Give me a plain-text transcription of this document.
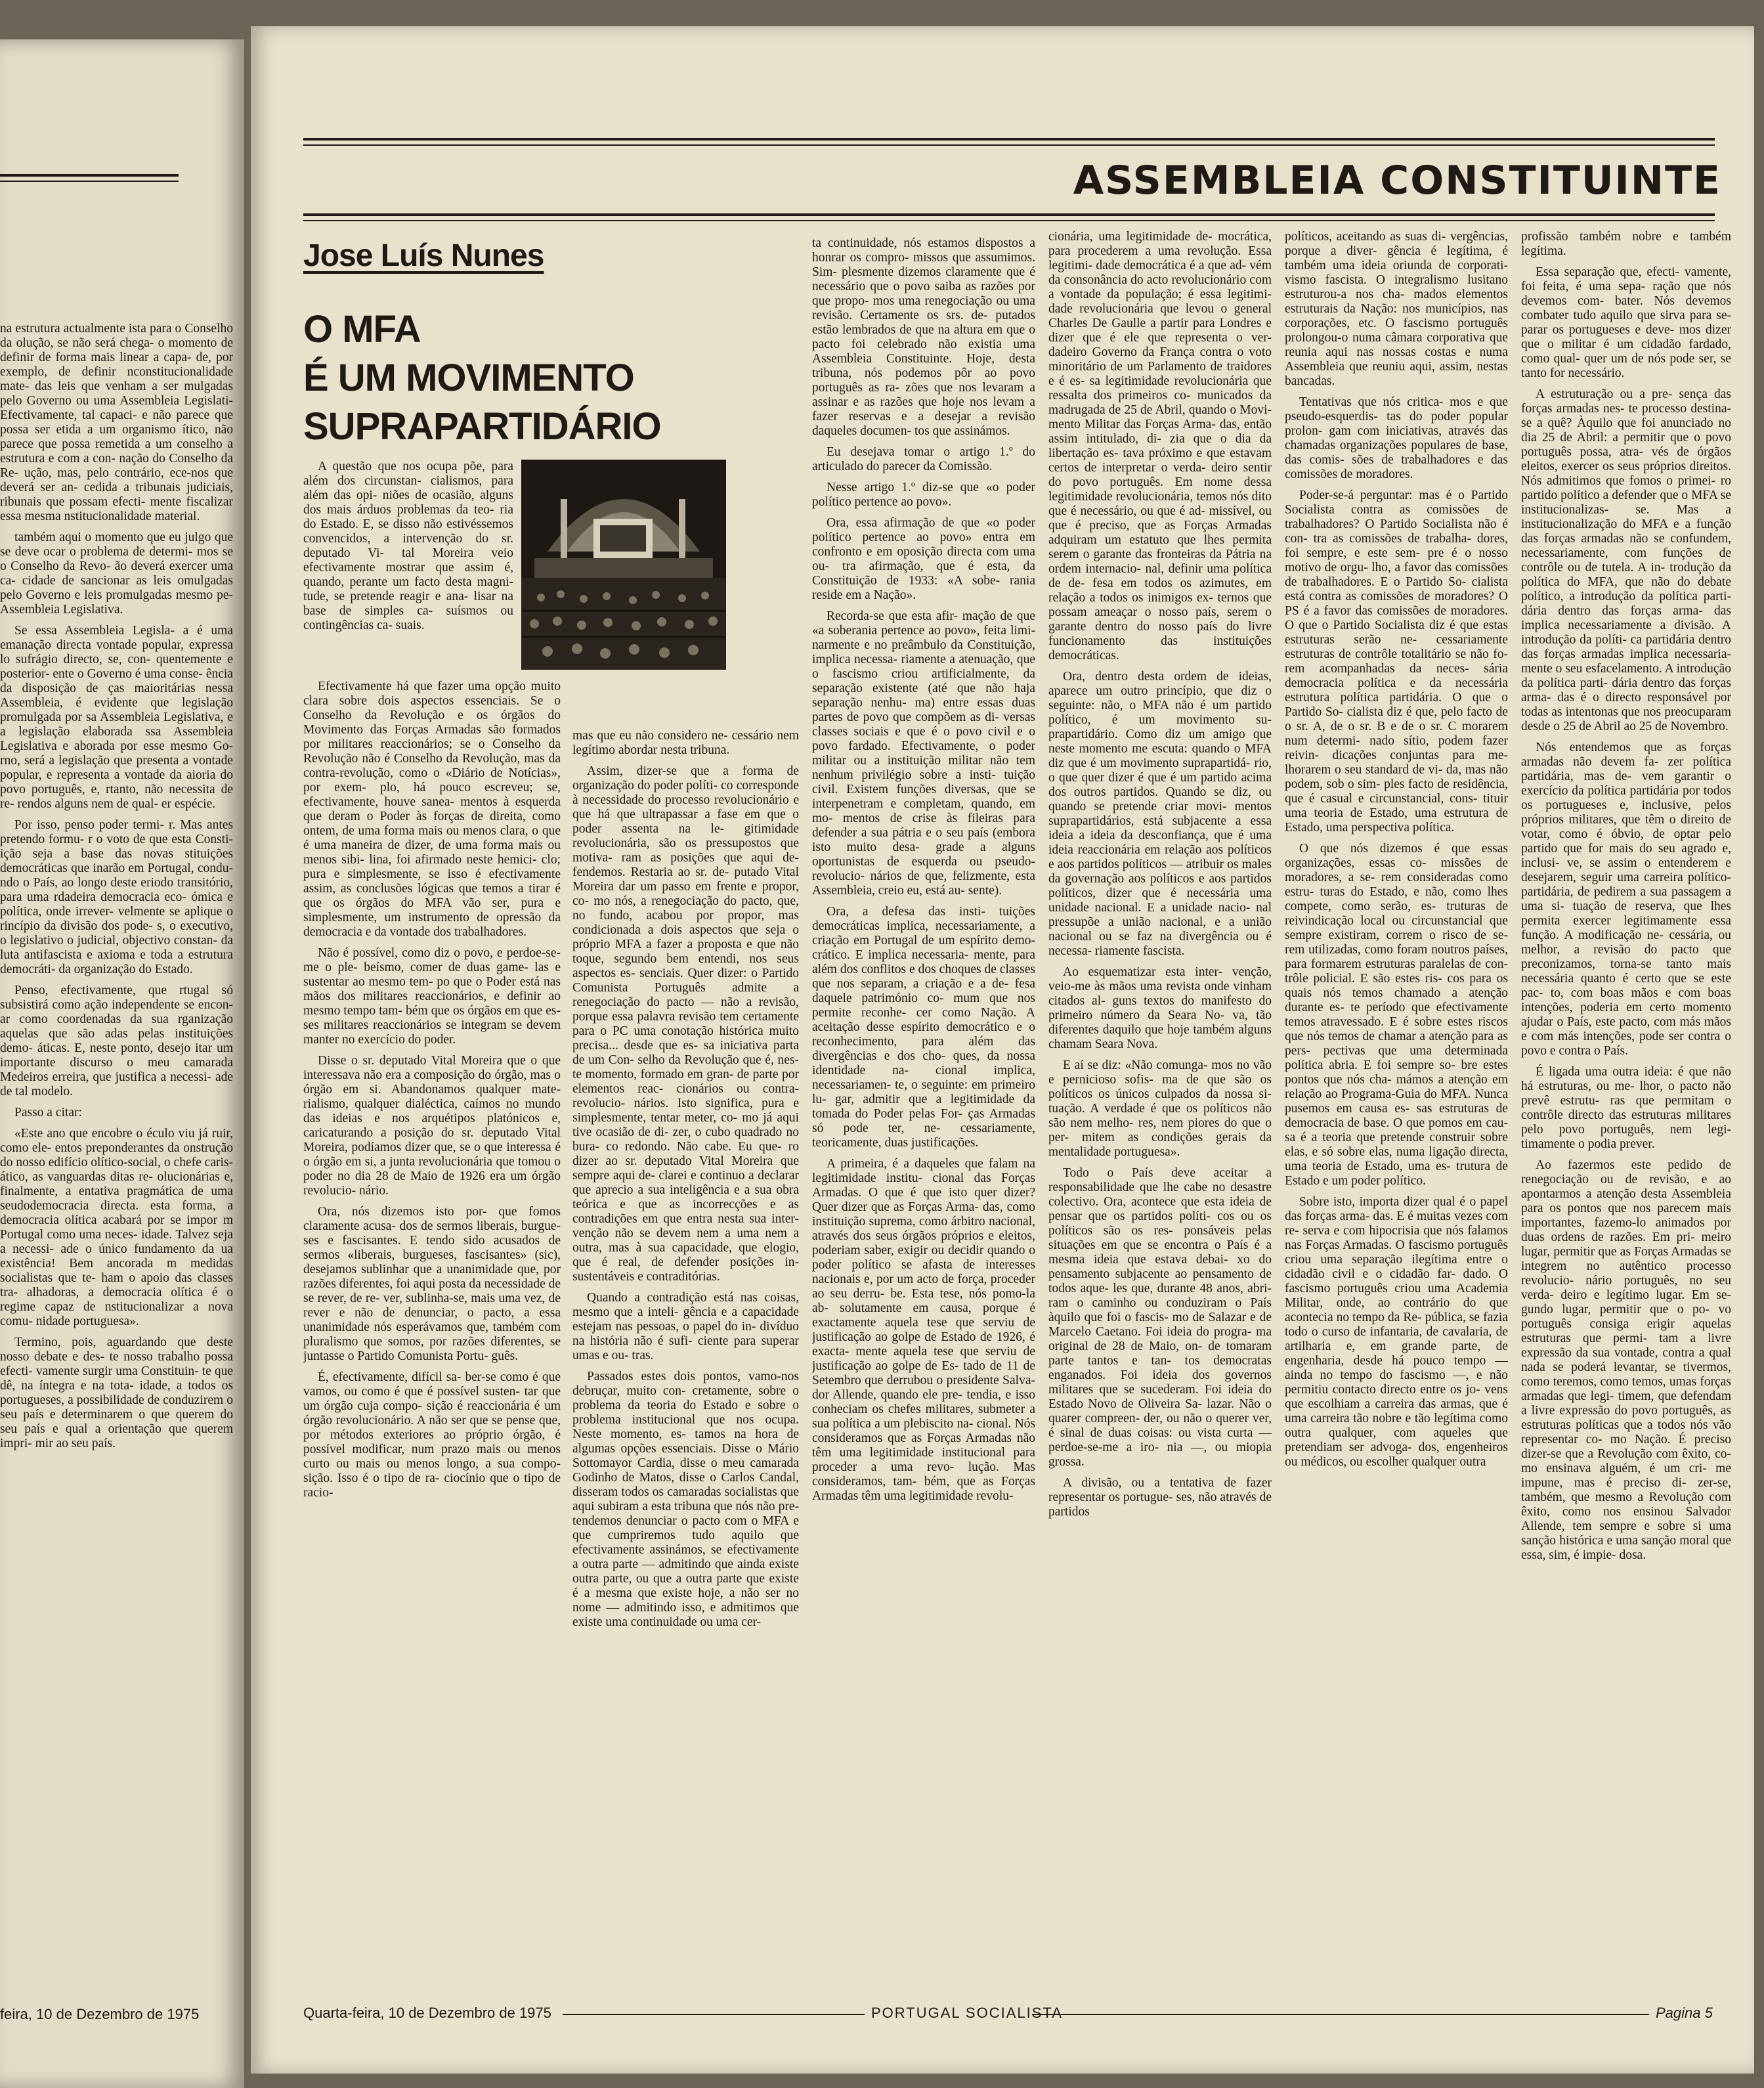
na estrutura actualmente ista para o Conselho da olução, se não será chega- o momento de definir de forma mais linear a capa- de, por exemplo, de definir nconstitucionalidade mate- das leis que venham a ser mulgadas pelo Governo ou uma Assembleia Legislati- Efectivamente, tal capaci- e não parece que possa ser etida a um organismo ítico, não parece que possa remetida a um conselho a estrutura e com a con- nação do Conselho da Re- ução, mas, pelo contrário, ece-nos que deverá ser an- cedida a tribunais judiciais, ribunais que possam efecti- mente fiscalizar essa mesma nstitucionalidade material.

também aqui o momento que eu julgo que se deve ocar o problema de determi- mos se o Conselho da Revo- ão deverá exercer uma ca- cidade de sancionar as leis omulgadas pelo Governo e leis promulgadas mesmo pe- Assembleia Legislativa.

Se essa Assembleia Legisla- a é uma emanação directa vontade popular, expressa lo sufrágio directo, se, con- quentemente e posterior- ente o Governo é uma conse- ência da disposição de ças maioritárias nessa Assembleia, é evidente que legislação promulgada por sa Assembleia Legislativa, e a legislação elaborada ssa Assembleia Legislativa e aborada por esse mesmo Go- rno, será a legislação que presenta a vontade popular, e representa a vontade da aioria do povo português, e, rtanto, não necessita de re- rendos alguns nem de qual- er espécie.

Por isso, penso poder termi- r. Mas antes pretendo formu- r o voto de que esta Consti- ição seja a base das novas stituições democráticas que inarão em Portugal, condu- ndo o País, ao longo deste eriodo transitório, para uma rdadeira democracia eco- ómica e política, onde irrever- velmente se aplique o rincípio da divisão dos pode- s, o executivo, o legislativo o judicial, objectivo constan- da luta antifascista e axioma e toda a estrutura democráti- da organização do Estado.

Penso, efectivamente, que rtugal só subsistirá como ação independente se encon- ar como coordenadas da sua rganização aquelas que são adas pelas instituições demo- áticas. E, neste ponto, desejo itar um importante discurso o meu camarada Medeiros erreira, que justifica a necessi- ade de tal modelo.

Passo a citar:

«Este ano que encobre o éculo viu já ruir, como ele- entos preponderantes da onstrução do nosso edifício olítico-social, o chefe caris- ático, as vanguardas ditas re- olucionárias e, finalmente, a entativa pragmática de uma seudodemocracia directa. esta forma, a democracia olítica acabará por se impor m Portugal como uma neces- idade. Talvez seja a necessi- ade o único fundamento da ua existência! Bem ancorada m medidas socialistas que te- ham o apoio das classes tra- alhadoras, a democracia olítica é o regime capaz de nstitucionalizar a nova comu- nidade portuguesa».

Termino, pois, aguardando que deste nosso debate e des- te nosso trabalho possa efecti- vamente surgir uma Constituin- te que dê, na íntegra e na tota- idade, a todos os portugueses, a possibilidade de conduzirem o seu país e determinarem o que querem do seu país e qual a orientação que querem impri- mir ao seu país.

feira, 10 de Dezembro de 1975
ASSEMBLEIA CONSTITUINTE
Jose Luís Nunes
O MFA
É UM MOVIMENTO
SUPRAPARTIDÁRIO

A questão que nos ocupa põe, para além dos circunstan- cialismos, para além das opi- niões de ocasião, alguns dos mais árduos problemas da teo- ria do Estado. E, se disso não estivéssemos convencidos, a intervenção do sr. deputado Vi- tal Moreira veio efectivamente mostrar que assim é, quando, perante um facto desta magni- tude, se pretende reagir e ana- lisar na base de simples ca- suísmos ou contingências ca- suais.

Efectivamente há que fazer uma opção muito clara sobre dois aspectos essenciais. Se o Conselho da Revolução e os órgãos do Movimento das Forças Armadas são formados por militares reaccionários; se o Conselho da Revolução não é Conselho da Revolução, mas da contra-revolução, como o «Diário de Notícias», por exem- plo, há pouco escreveu; se, efectivamente, houve sanea- mentos à esquerda que deram o Poder às forças de direita, como ontem, de uma forma mais ou menos clara, o que é uma maneira de dizer, de uma forma mais ou menos sibi- lina, foi afirmado neste hemici- clo; pura e simplesmente, se isso é efectivamente assim, as conclusões lógicas que temos a tirar é que os órgãos do MFA vão ser, pura e simplesmente, um instrumento de opressão da democracia e da vontade dos trabalhadores.

Não é possível, como diz o povo, e perdoe-se-me o ple- beísmo, comer de duas game- las e sustentar ao mesmo tem- po que o Poder está nas mãos dos militares reaccionários, e definir ao mesmo tempo tam- bém que os órgãos em que es- ses militares reaccionários se integram se devem manter no exercício do poder.

Disse o sr. deputado Vital Moreira que o que interessava não era a composição do órgão, mas o órgão em si. Abandonamos qualquer mate- rialismo, qualquer dialéctica, caímos no mundo das ideias e nos arquétipos platónicos e, caricaturando a posição do sr. deputado Vital Moreira, podíamos dizer que, se o que interessa é o órgão em si, a junta revolucionária que tomou o poder no dia 28 de Maio de 1926 era um órgão revolucio- nário.

Ora, nós dizemos isto por- que fomos claramente acusa- dos de sermos liberais, burgue- ses e fascisantes. E tendo sido acusados de sermos «liberais, burgueses, fascisantes» (sic), desejamos sublinhar que a unanimidade que, por razões diferentes, foi aqui posta da necessidade de se rever, de re- ver, sublinha-se, mais uma vez, de rever e não de denunciar, o pacto, a essa unanimidade nós esperávamos que, também com pluralismo que somos, por razões diferentes, se juntasse o Partido Comunista Portu- guês.

É, efectivamente, difícil sa- ber-se como é que vamos, ou como é que é possível susten- tar que um órgão cuja compo- sição é reaccionária é um órgão revolucionário. A não ser que se pense que, por métodos exteriores ao próprio órgão, é possível modificar, num prazo mais ou menos curto ou mais ou menos longo, a sua compo- sição. Isso é o tipo de ra- ciocínio que o tipo de racio-

mas que eu não considero ne- cessário nem legítimo abordar nesta tribuna.

Assim, dizer-se que a forma de organização do poder políti- co corresponde à necessidade do processo revolucionário e que há que ultrapassar a fase em que o poder assenta na le- gitimidade revolucionária, são os pressupostos que motiva- ram as posições que aqui de- fendemos. Restaria ao sr. de- putado Vital Moreira dar um passo em frente e propor, co- mo nós, a renegociação do pacto, que, no fundo, acabou por propor, mas condicionada a dois aspectos que seja o próprio MFA a fazer a proposta e que não toque, segundo bem entendi, nos seus aspectos es- senciais. Quer dizer: o Partido Comunista Português admite a renegociação do pacto — não a revisão, porque essa palavra revisão tem certamente para o PC uma conotação histórica muito precisa... desde que es- sa iniciativa parta de um Con- selho da Revolução que é, nes- te momento, formado em gran- de parte por elementos reac- cionários ou contra-revolucio- nários. Isto significa, pura e simplesmente, tentar meter, co- mo já aqui tive ocasião de di- zer, o cubo quadrado no bura- co redondo. Não cabe. Eu que- ro dizer ao sr. deputado Vital Moreira que sempre aqui de- clarei e continuo a declarar que aprecio a sua inteligência e a sua obra teórica e que as incorrecções e as contradições em que entra nesta sua inter- venção não se devem nem a uma nem a outra, mas à sua capacidade, que elogio, que é real, de defender posições in- sustentáveis e contraditórias.

Quando a contradição está nas coisas, mesmo que a inteli- gência e a capacidade estejam nas pessoas, o papel do in- divíduo na história não é sufi- ciente para superar umas e ou- tras.

Passados estes dois pontos, vamo-nos debruçar, muito con- cretamente, sobre o problema da teoria do Estado e sobre o problema institucional que nos ocupa. Neste momento, es- tamos na hora de algumas opções essenciais. Disse o Mário Sottomayor Cardia, disse o meu camarada Godinho de Matos, disse o Carlos Candal, disseram todos os camaradas socialistas que aqui subiram a esta tribuna que nós não pre- tendemos denunciar o pacto com o MFA e que cumpriremos tudo aquilo que efectivamente assinámos, se efectivamente a outra parte — admitindo que ainda existe outra parte, ou que a outra parte que existe é a mesma que existe hoje, a não ser no nome — admitindo isso, e admitimos que existe uma continuidade ou uma cer-

ta continuidade, nós estamos dispostos a honrar os compro- missos que assumimos. Sim- plesmente dizemos claramente que é necessário que o povo saiba as razões por que propo- mos uma renegociação ou uma revisão. Certamente os srs. de- putados estão lembrados de que na altura em que o pacto foi celebrado não existia uma Assembleia Constituinte. Hoje, desta tribuna, nós podemos pôr ao povo português as ra- zões que nos levaram a assinar e as razões que hoje nos levam a fazer reservas e a desejar a revisão daqueles documen- tos que assinámos.

Eu desejava tomar o artigo 1.º do articulado do parecer da Comissão.

Nesse artigo 1.º diz-se que «o poder político pertence ao povo».

Ora, essa afirmação de que «o poder político pertence ao povo» entra em confronto e em oposição directa com uma ou- tra afirmação, que é esta, da Constituição de 1933: «A sobe- rania reside em a Nação».

Recorda-se que esta afir- mação de que «a soberania pertence ao povo», feita limi- narmente e no preâmbulo da Constituição, implica necessa- riamente a atenuação, que o fascismo criou artificialmente, da separação existente (até que não haja separação nenhu- ma) entre essas duas partes de povo que compõem as di- versas classes sociais e que é o povo civil e o povo fardado. Efectivamente, o poder militar ou a instituição militar não tem nenhum privilégio sobre a insti- tuição civil. Existem funções diversas, que se interpenetram e completam, quando, em mo- mentos de crise às fileiras para defender a sua pátria e o seu país (embora isto muito desa- grade a alguns oportunistas de esquerda ou pseudo-revolucio- nários de que, felizmente, esta Assembleia, creio eu, está au- sente).

Ora, a defesa das insti- tuições democráticas implica, necessariamente, a criação em Portugal de um espírito demo- crático. E implica necessaria- mente, para além dos conflitos e dos choques de classes que nos separam, a criação e a de- fesa daquele património co- mum que nos permite reconhe- cer como Nação. A aceitação desse espírito democrático e o reconhecimento, para além das divergências e dos cho- ques, da nossa identidade na- cional implica, necessariamen- te, o seguinte: em primeiro lu- gar, admitir que a legitimidade da tomada do Poder pelas For- ças Armadas só pode ter, ne- cessariamente, teoricamente, duas justificações.

A primeira, é a daqueles que falam na legitimidade institu- cional das Forças Armadas. O que é que isto quer dizer? Quer dizer que as Forças Arma- das, como instituição suprema, como árbitro nacional, através dos seus órgãos próprios e eleitos, poderiam saber, exigir ou decidir quando o poder político se afasta de interesses nacionais e, por um acto de força, proceder ao seu derru- be. Esta tese, nós pomo-la ab- solutamente em causa, porque é exactamente aquela tese que serviu de justificação ao golpe de Estado de 1926, é exacta- mente aquela tese que serviu de justificação ao golpe de Es- tado de 11 de Setembro que derrubou o presidente Salva- dor Allende, quando ele pre- tendia, e isso conheciam os chefes militares, submeter a sua política a um plebiscito na- cional. Nós consideramos que as Forças Armadas não têm uma legitimidade institucional para proceder a uma revo- lução. Mas consideramos, tam- bém, que as Forças Armadas têm uma legitimidade revolu-

cionária, uma legitimidade de- mocrática, para procederem a uma revolução. Essa legitimi- dade democrática é a que ad- vém da consonância do acto revolucionário com a vontade da população; é essa legitimi- dade revolucionária que levou o general Charles De Gaulle a partir para Londres e dizer que é ele que representa o ver- dadeiro Governo da França contra o voto minoritário de um Parlamento de traidores e é es- sa legitimidade revolucionária que ressalta dos primeiros co- municados da madrugada de 25 de Abril, quando o Movi- mento Militar das Forças Arma- das, então assim intitulado, di- zia que o dia da libertação es- tava próximo e que estavam certos de interpretar o verda- deiro sentir do povo português. Em nome dessa legitimidade revolucionária, temos nós dito que é necessário, ou que é ad- missível, ou que é preciso, que as Forças Armadas adquiram um estatuto que lhes permita serem o garante das fronteiras da Pátria na ordem internacio- nal, definir uma política de de- fesa em todos os azimutes, em relação a todos os inimigos ex- ternos que possam ameaçar o nosso país, serem o garante dentro do nosso país do livre funcionamento das instituições democráticas.

Ora, dentro desta ordem de ideias, aparece um outro princípio, que diz o seguinte: não, o MFA não é um partido político, é um movimento su- prapartidário. Como diz um amigo que neste momento me escuta: quando o MFA diz que é um movimento suprapartidá- rio, o que quer dizer é que é um partido acima dos outros partidos. Quando se diz, ou quando se pretende criar movi- mentos suprapartidários, está subjacente a essa ideia a ideia da desconfiança, que é uma ideia reaccionária em relação aos políticos e aos partidos políticos — atribuir os males da governação aos políticos e aos partidos políticos, dizer que é necessária uma unidade nacional. E a unidade nacio- nal pressupõe a união nacional, e a união nacional ou se faz na divergência ou é necessa- riamente fascista.

Ao esquematizar esta inter- venção, veio-me às mãos uma revista onde vinham citados al- guns textos do manifesto do primeiro número da Seara No- va, tão diferentes daquilo que hoje também alguns chamam Seara Nova.

E aí se diz: «Não comunga- mos no vão e pernicioso sofis- ma de que são os políticos os únicos culpados da nossa si- tuação. A verdade é que os políticos não são nem melho- res, nem piores do que o per- mitem as condições gerais da mentalidade portuguesa».

Todo o País deve aceitar a responsabilidade que lhe cabe no desastre colectivo. Ora, acontece que esta ideia de pensar que os partidos políti- cos ou os políticos são os res- ponsáveis pelas situações em que se encontra o País é a mesma ideia que estava debai- xo do pensamento subjacente ao pensamento de todos aque- les que, durante 48 anos, abri- ram o caminho ou conduziram o País àquilo que foi o fascis- mo de Salazar e de Marcelo Caetano. Foi ideia do progra- ma original de 28 de Maio, on- de tomaram parte tantos e tan- tos democratas enganados. Foi ideia dos governos militares que se sucederam. Foi ideia do Estado Novo de Oliveira Sa- lazar. Não o quarer compreen- der, ou não o querer ver, é sinal de duas coisas: ou vista curta — perdoe-se-me a iro- nia —, ou miopia grossa.

A divisão, ou a tentativa de fazer representar os portugue- ses, não através de partidos

políticos, aceitando as suas di- vergências, porque a diver- gência é legítima, é também uma ideia oriunda de corporati- vismo fascista. O integralismo lusitano estruturou-a nos cha- mados elementos estruturais da Nação: nos municípios, nas corporações, etc. O fascismo português prolongou-o numa câmara corporativa que reunia aqui nas nossas costas e numa Assembleia que reuniu aqui, assim, nestas bancadas.

Tentativas que nós critica- mos e que pseudo-esquerdis- tas do poder popular prolon- gam com iniciativas, através das chamadas organizações populares de base, das comis- sões de trabalhadores e das comissões de moradores.

Poder-se-á perguntar: mas é o Partido Socialista contra as comissões de trabalhadores? O Partido Socialista não é con- tra as comissões de trabalha- dores, foi sempre, e este sem- pre é o nosso motivo de orgu- lho, a favor das comissões de trabalhadores. E o Partido So- cialista está contra as comissões de moradores? O PS é a favor das comissões de moradores. O que o Partido Socialista diz é que estas estruturas serão ne- cessariamente estruturas de contrôle totalitário se não fo- rem acompanhadas da neces- sária democracia política e da necessária estrutura política partidária. O que o Partido So- cialista diz é que, pelo facto de o sr. A, de o sr. B e de o sr. C morarem num determi- nado sítio, podem fazer reivin- dicações conjuntas para me- lhorarem o seu standard de vi- da, mas não podem, sob o sim- ples facto de residência, que é casual e circunstancial, cons- tituir uma teoria de Estado, uma estrutura de Estado, uma perspectiva política.

O que nós dizemos é que essas organizações, essas co- missões de moradores, a se- rem consideradas como estru- turas do Estado, e não, como lhes compete, como serão, es- truturas de reivindicação local ou circunstancial que sempre existiram, correm o risco de se- rem utilizadas, como foram noutros países, para formarem estruturas paralelas de con- trôle policial. E são estes ris- cos para os quais nós temos chamado a atenção durante es- te período que efectivamente temos atravessado. E é sobre estes riscos que nós temos de chamar a atenção para as pers- pectivas que uma determinada política abria. E foi sempre so- bre estes pontos que nós cha- mámos a atenção em relação ao Programa-Guia do MFA. Nunca pusemos em causa es- sas estruturas de democracia de base. O que pomos em cau- sa é a teoria que pretende construir sobre elas, e só sobre elas, numa ligação directa, uma teoria de Estado, uma es- trutura de Estado e um poder político.

Sobre isto, importa dizer qual é o papel das forças arma- das. E é muitas vezes com re- serva e com hipocrisia que nós falamos nas Forças Armadas. O fascismo português criou uma separação ilegítima entre o cidadão civil e o cidadão far- dado. O fascismo português criou uma Academia Militar, onde, ao contrário do que acontecia no tempo da Re- pública, se fazia todo o curso de infantaria, de cavalaria, de artilharia e, em grande parte, de engenharia, desde há pouco tempo — ainda no tempo do fascismo —, e não permitiu contacto directo entre os jo- vens que escolhiam a carreira das armas, que é uma carreira tão nobre e tão legítima como outra qualquer, com aqueles que pretendiam ser advoga- dos, engenheiros ou médicos, ou escolher qualquer outra

profissão também nobre e também legítima.

Essa separação que, efecti- vamente, foi feita, é uma sepa- ração que nós devemos com- bater. Nós devemos combater tudo aquilo que sirva para se- parar os portugueses e deve- mos dizer que o militar é um cidadão fardado, como qual- quer um de nós pode ser, se tanto for necessário.

A estruturação ou a pre- sença das forças armadas nes- te processo destina-se a quê? Àquilo que foi anunciado no dia 25 de Abril: a permitir que o povo português possa, atra- vés de órgãos eleitos, exercer os seus próprios direitos. Nós admitimos que fomos o primei- ro partido político a defender que o MFA se institucionalizas- se. Mas a institucionalização do MFA e a função das forças armadas não se confundem, necessariamente, com funções de contrôle ou de tutela. A in- trodução da política do MFA, que não do debate político, a introdução da política parti- dária dentro das forças arma- das implica necessariamente a divisão. A introdução da políti- ca partidária dentro das forças armadas implica necessaria- mente o seu esfacelamento. A introdução da política parti- dária dentro das forças arma- das é o directo responsável por todas as intentonas que nos preocuparam desde o 25 de Abril ao 25 de Novembro.

Nós entendemos que as forças armadas não devem fa- zer política partidária, mas de- vem garantir o exercício da política partidária por todos os portugueses e, inclusive, pelos próprios militares, que têm o direito de votar, como é óbvio, de optar pelo partido que for mais do seu agrado e, inclusi- ve, se assim o entenderem e desejarem, seguir uma carreira político-partidária, de pedirem a sua passagem a uma si- tuação de reserva, que lhes permita exercer legitimamente essa função. A modificação ne- cessária, ou melhor, a revisão do pacto que preconizamos, torna-se tanto mais necessária quanto é certo que se este pac- to, com boas mãos e com boas intenções, poderia em certo momento ajudar o País, este pacto, com más mãos e com más intenções, pode ser contra o povo e contra o País.

É ligada uma outra ideia: é que não há estruturas, ou me- lhor, o pacto não prevê estrutu- ras que permitam o contrôle directo das estruturas militares pelo povo português, nem legi- timamente o podia prever.

Ao fazermos este pedido de renegociação ou de revisão, e ao apontarmos a atenção desta Assembleia para os pontos que nos parecem mais importantes, fazemo-lo animados por duas ordens de razões. Em pri- meiro lugar, permitir que as Forças Armadas se integrem no autêntico processo revolucio- nário português, no seu verda- deiro e legítimo lugar. Em se- gundo lugar, permitir que o po- vo português consiga erigir aquelas estruturas que permi- tam a livre expressão da sua vontade, contra a qual nada se poderá levantar, se tivermos, como teremos, como temos, umas forças armadas que legi- timem, que defendam a livre expressão do povo português, as estruturas políticas que a todos nós vão representar co- mo Nação. É preciso dizer-se que a Revolução com êxito, co- mo ensinava alguém, é um cri- me impune, mas é preciso di- zer-se, também, que mesmo a Revolução com êxito, como nos ensinou Salvador Allende, tem sempre e sobre si uma sanção histórica e uma sanção moral que essa, sim, é impie- dosa.

Quarta-feira, 10 de Dezembro de 1975	PORTUGAL SOCIALISTA	Pagina 5
